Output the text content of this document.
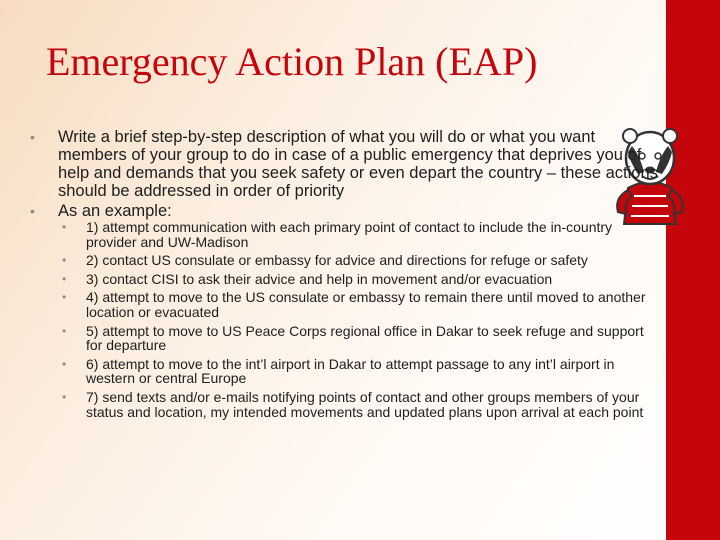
Emergency Action Plan (EAP)
• Write a brief step-by-step description of what you will do or what you want members of your group to do in case of a public emergency that deprives you of help and demands that you seek safety or even depart the country – these actions should be addressed in order of priority
• As an example:
• 1) attempt communication with each primary point of contact to include the in-country provider and UW-Madison
• 2) contact US consulate or embassy for advice and directions for refuge or safety
• 3) contact CISI to ask their advice and help in movement and/or evacuation
• 4) attempt to move to the US consulate or embassy to remain there until moved to another location or evacuated
• 5) attempt to move to US Peace Corps regional office in Dakar to seek refuge and support for departure
• 6) attempt to move to the int’l airport in Dakar to attempt passage to any int’l airport in western or central Europe
• 7) send texts and/or e-mails notifying points of contact and other groups members of your status and location, my intended movements and updated plans upon arrival at each point
